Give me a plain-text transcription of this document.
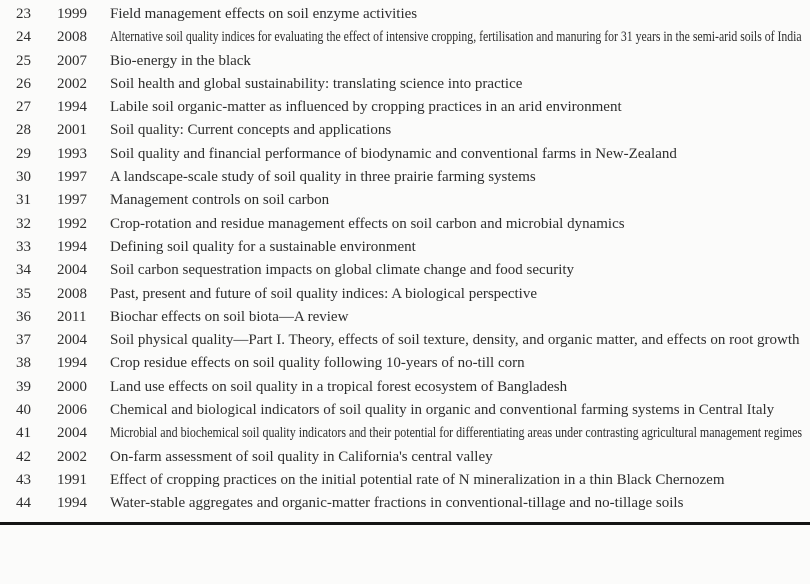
23	1999	Field management effects on soil enzyme activities
24	2008	Alternative soil quality indices for evaluating the effect of intensive cropping, fertilisation and manuring for 31 years in the semi-arid soils of India
25	2007	Bio-energy in the black
26	2002	Soil health and global sustainability: translating science into practice
27	1994	Labile soil organic-matter as influenced by cropping practices in an arid environment
28	2001	Soil quality: Current concepts and applications
29	1993	Soil quality and financial performance of biodynamic and conventional farms in New-Zealand
30	1997	A landscape-scale study of soil quality in three prairie farming systems
31	1997	Management controls on soil carbon
32	1992	Crop-rotation and residue management effects on soil carbon and microbial dynamics
33	1994	Defining soil quality for a sustainable environment
34	2004	Soil carbon sequestration impacts on global climate change and food security
35	2008	Past, present and future of soil quality indices: A biological perspective
36	2011	Biochar effects on soil biota—A review
37	2004	Soil physical quality—Part I. Theory, effects of soil texture, density, and organic matter, and effects on root growth
38	1994	Crop residue effects on soil quality following 10-years of no-till corn
39	2000	Land use effects on soil quality in a tropical forest ecosystem of Bangladesh
40	2006	Chemical and biological indicators of soil quality in organic and conventional farming systems in Central Italy
41	2004	Microbial and biochemical soil quality indicators and their potential for differentiating areas under contrasting agricultural management regimes
42	2002	On-farm assessment of soil quality in California's central valley
43	1991	Effect of cropping practices on the initial potential rate of N mineralization in a thin Black Chernozem
44	1994	Water-stable aggregates and organic-matter fractions in conventional-tillage and no-tillage soils
